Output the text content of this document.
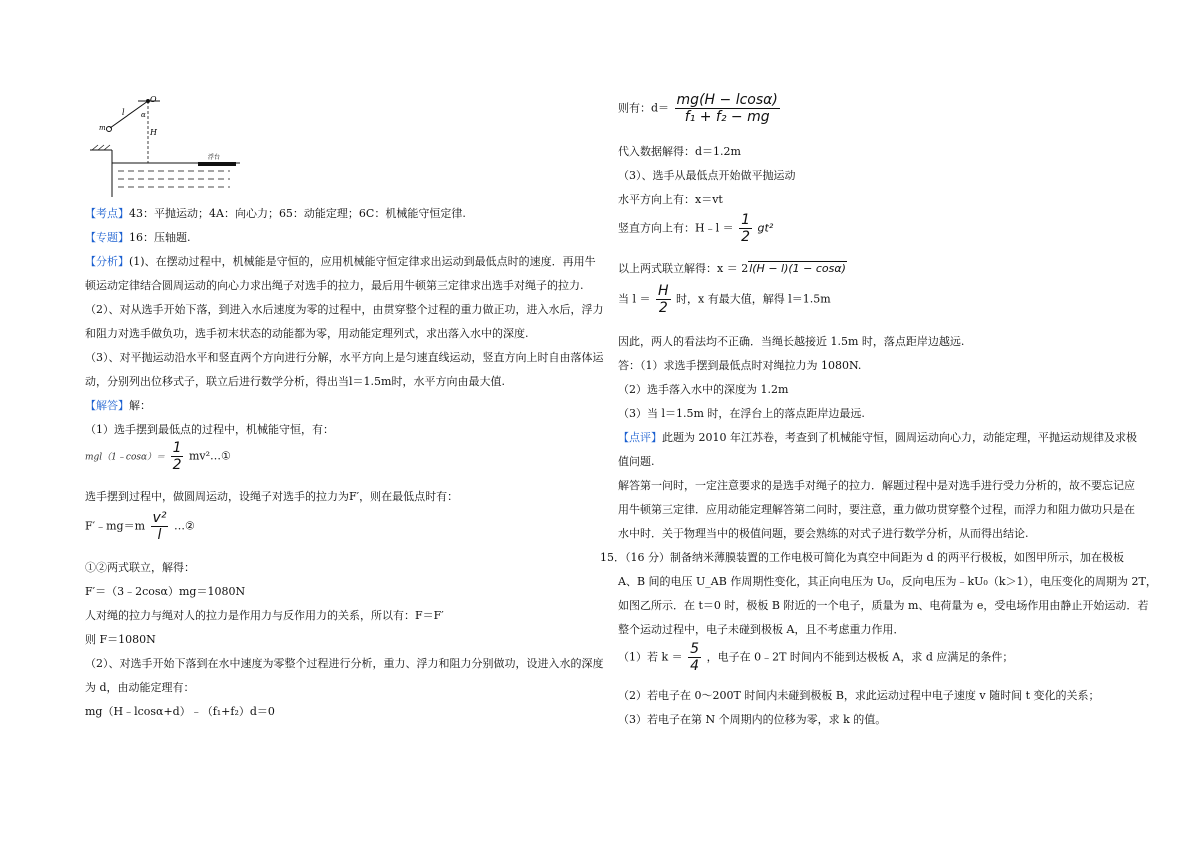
O
l α
H
m
浮台
【考点】43：平抛运动；4A：向心力；65：动能定理；6C：机械能守恒定律.
【专题】16：压轴题.
【分析】(1)、在摆动过程中，机械能是守恒的，应用机械能守恒定律求出运动到最低点时的速度．再用牛
顿运动定律结合圆周运动的向心力求出绳子对选手的拉力，最后用牛顿第三定律求出选手对绳子的拉力.
（2）、对从选手开始下落，到进入水后速度为零的过程中，由贯穿整个过程的重力做正功，进入水后，浮力
和阻力对选手做负功，选手初末状态的动能都为零，用动能定理列式，求出落入水中的深度.
（3）、对平抛运动沿水平和竖直两个方向进行分解，水平方向上是匀速直线运动，竖直方向上时自由落体运
动，分别列出位移式子，联立后进行数学分析，得出当l＝1.5m时，水平方向由最大值.
【解答】解：
（1）选手摆到最低点的过程中，机械能守恒，有：
mgl（1﹣cosα）＝ $\frac{1}{2}$ mv²…①
选手摆到过程中，做圆周运动，设绳子对选手的拉力为F′，则在最低点时有：
F′﹣mg＝m $\frac{\text{v²}}{l}$ …②
①②两式联立，解得：
F′＝（3﹣2cosα）mg＝1080N
人对绳的拉力与绳对人的拉力是作用力与反作用力的关系，所以有：F＝F′
则 F＝1080N
（2）、对选手开始下落到在水中速度为零整个过程进行分析，重力、浮力和阻力分别做功，设进入水的深度
为 d，由动能定理有：
mg（H﹣lcosα+d）﹣（f₁+f₂）d＝0
则有：$d= \frac{mg(H - lcos\alpha)}{\text{f₁ + f₂ − mg}}$
代入数据解得：d＝1.2m
（3）、选手从最低点开始做平抛运动
水平方向上有：x＝vt
竖直方向上有：H﹣l ＝ $\frac{1}{2} gt^2$
以上两式联立解得：x ＝ 2l(H − l)(1 − cosα)
当 $l = \frac{H}{2}$ 时，x 有最大值，解得 l＝1.5m
因此，两人的看法均不正确．当绳长越接近 1.5m 时，落点距岸边越远.
答：（1）求选手摆到最低点时对绳拉力为 1080N.
（2）选手落入水中的深度为 1.2m
（3）当 l＝1.5m 时，在浮台上的落点距岸边最远.
【点评】此题为 2010 年江苏卷，考查到了机械能守恒，圆周运动向心力，动能定理，平抛运动规律及求极
值问题.
解答第一问时，一定注意要求的是选手对绳子的拉力．解题过程中是对选手进行受力分析的，故不要忘记应
用牛顿第三定律．应用动能定理解答第二问时，要注意，重力做功贯穿整个过程，而浮力和阻力做功只是在
水中时．关于物理当中的极值问题，要会熟练的对式子进行数学分析，从而得出结论.
15．（16 分）制备纳米薄膜装置的工作电极可简化为真空中间距为 d 的两平行极板，如图甲所示，加在极板
A、B 间的电压 U_AB 作周期性变化，其正向电压为 U₀，反向电压为﹣kU₀（k＞1），电压变化的周期为 2T，
如图乙所示．在 t＝0 时，极板 B 附近的一个电子，质量为 m、电荷量为 e，受电场作用由静止开始运动．若
整个运动过程中，电子未碰到极板 A，且不考虑重力作用．
（1）若 $k = \frac{5}{4}$ ，电子在 0﹣2T 时间内不能到达极板 A，求 d 应满足的条件；
（2）若电子在 0～200T 时间内未碰到极板 B，求此运动过程中电子速度 v 随时间 t 变化的关系；
（3）若电子在第 N 个周期内的位移为零，求 k 的值。
